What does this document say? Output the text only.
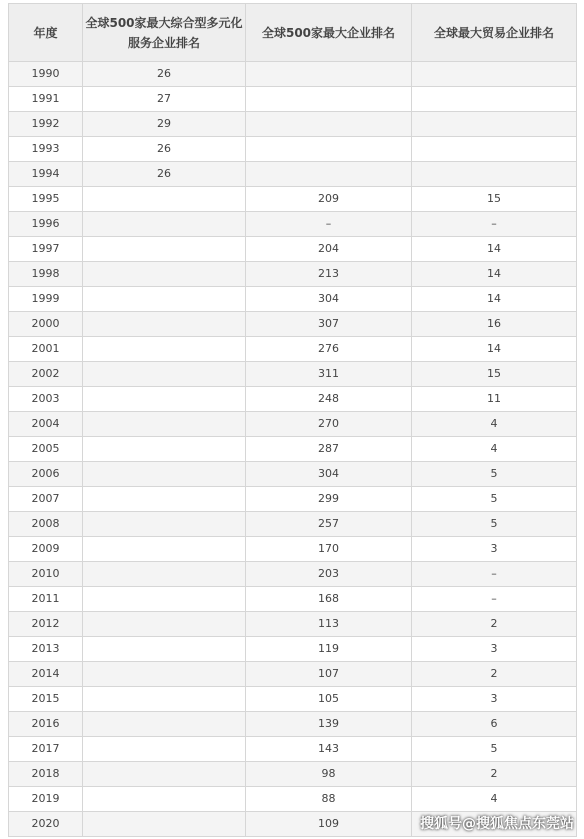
年度	全球500家最大综合型多元化服务企业排名	全球500家最大企业排名	全球最大贸易企业排名
1990	26		
1991	27		
1992	29		
1993	26		
1994	26		
1995		209	15
1996		–	–
1997		204	14
1998		213	14
1999		304	14
2000		307	16
2001		276	14
2002		311	15
2003		248	11
2004		270	4
2005		287	4
2006		304	5
2007		299	5
2008		257	5
2009		170	3
2010		203	–
2011		168	–
2012		113	2
2013		119	3
2014		107	2
2015		105	3
2016		139	6
2017		143	5
2018		98	2
2019		88	4
2020		109		搜狐号@搜狐焦点东莞站
